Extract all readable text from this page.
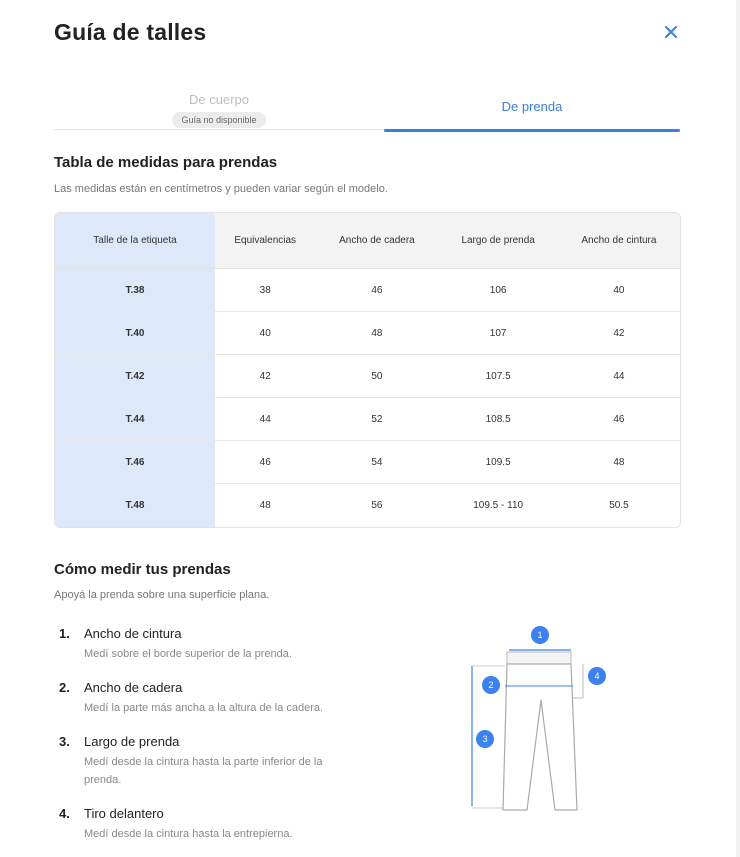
Guía de talles
De cuerpo
Guía no disponible
De prenda
Tabla de medidas para prendas

Las medidas están en centímetros y pueden variar según el modelo.

Talle de la etiqueta	Equivalencias	Ancho de cadera	Largo de prenda	Ancho de cintura
T.38	38	46	106	40
T.40	40	48	107	42
T.42	42	50	107.5	44
T.44	44	52	108.5	46
T.46	46	54	109.5	48
T.48	48	56	109.5 - 110	50.5
Cómo medir tus prendas

Apoyá la prenda sobre una superficie plana.

1. Ancho de cintura
Medí sobre el borde superior de la prenda.
2. Ancho de cadera
Medí la parte más ancha a la altura de la cadera.
3. Largo de prenda
Medí desde la cintura hasta la parte inferior de la prenda.
4. Tiro delantero
Medí desde la cintura hasta la entrepierna.
1
2
3
4
